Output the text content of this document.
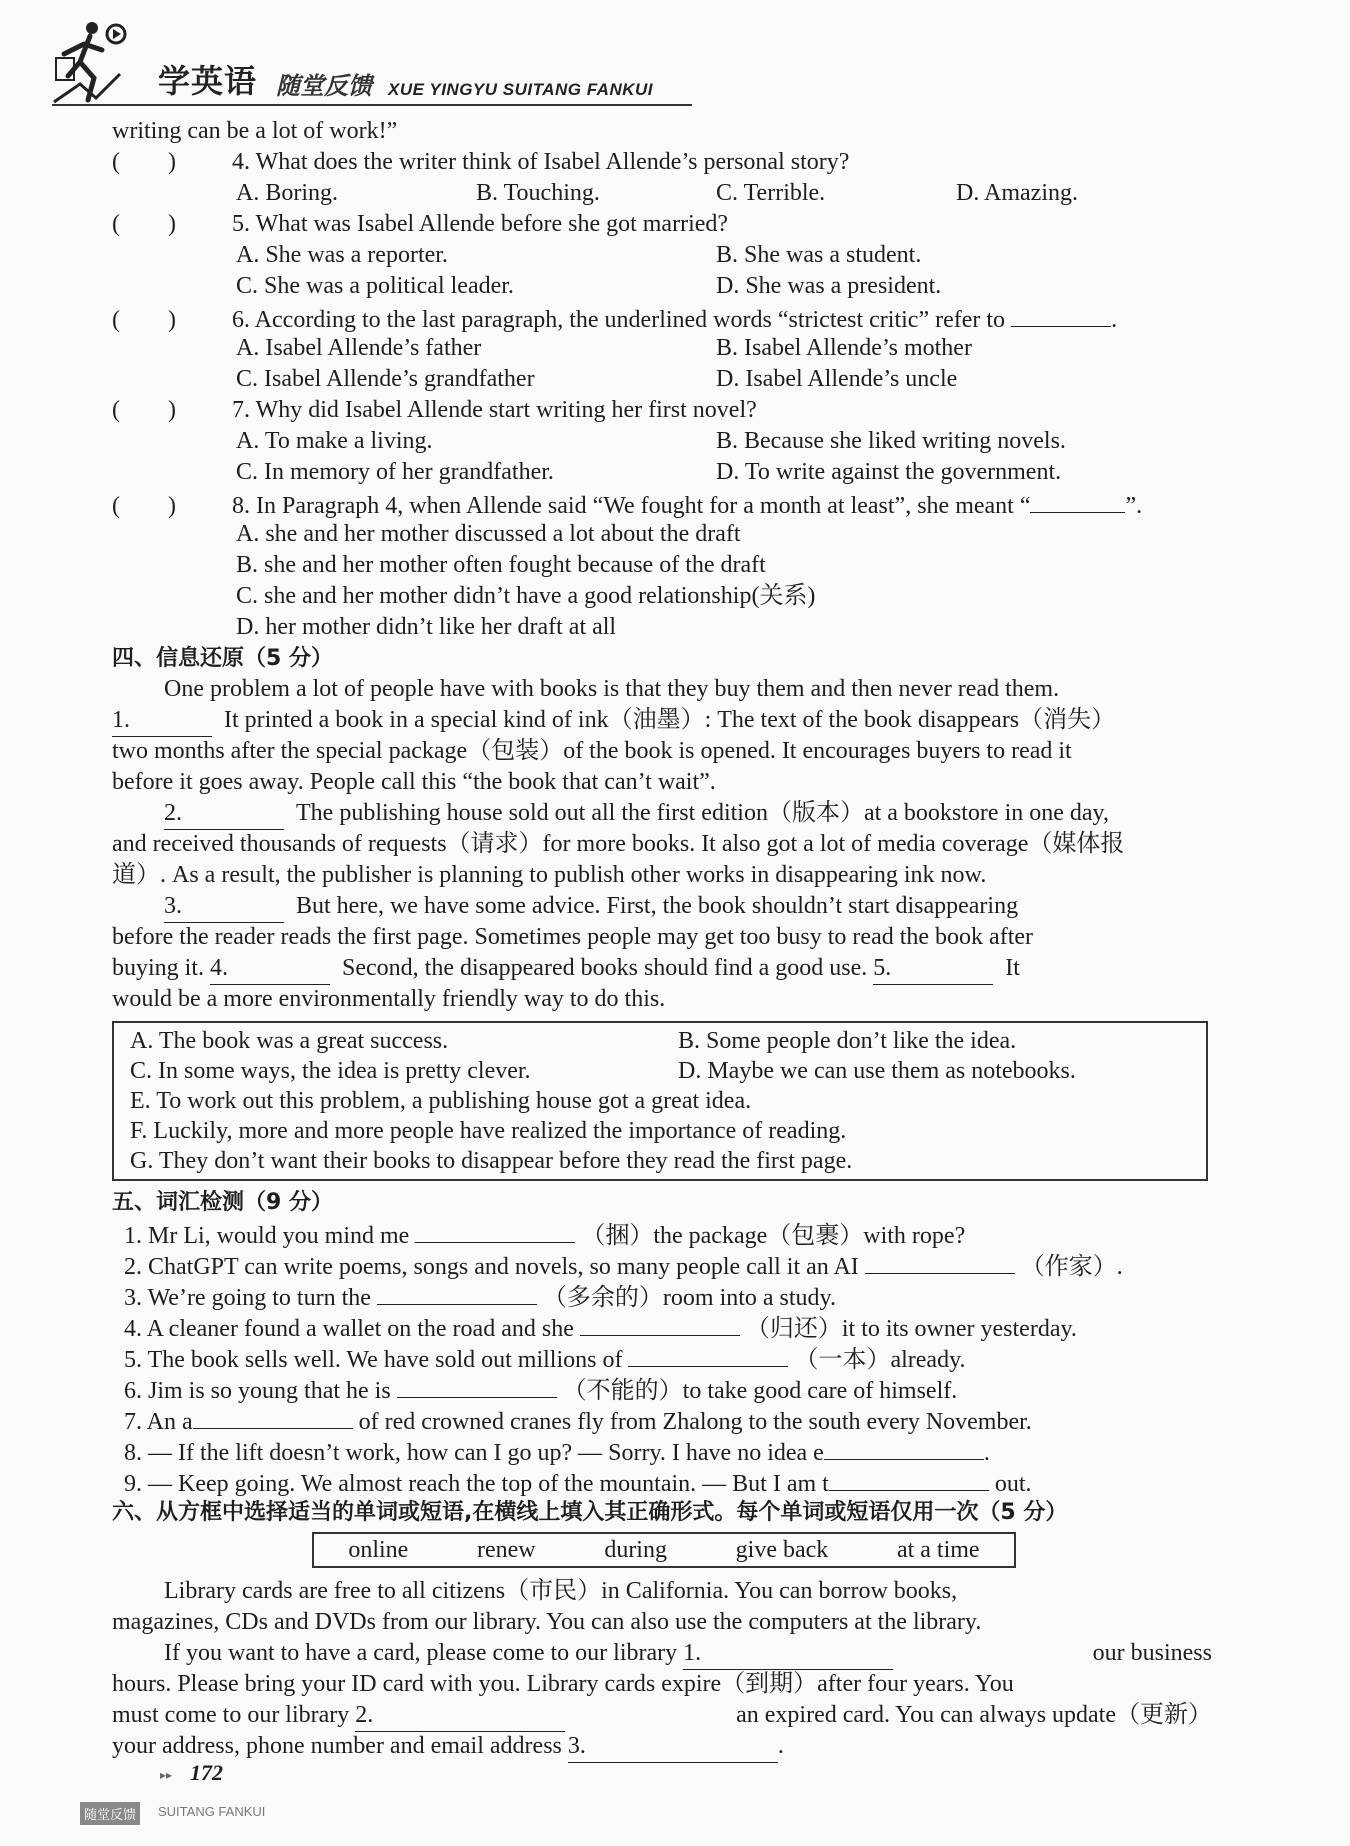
学英语 随堂反馈 XUE YINGYU SUITANG FANKUI
writing can be a lot of work!”
(　　) 4. What does the writer think of Isabel Allende’s personal story?
A. Boring.	B. Touching.	C. Terrible.	D. Amazing.
(　　) 5. What was Isabel Allende before she got married?
A. She was a reporter.	B. She was a student.
C. She was a political leader.	D. She was a president.
(　　) 6. According to the last paragraph, the underlined words “strictest critic” refer to	.
A. Isabel Allende’s father	B. Isabel Allende’s mother
C. Isabel Allende’s grandfather	D. Isabel Allende’s uncle
(　　) 7. Why did Isabel Allende start writing her first novel?
A. To make a living.	B. Because she liked writing novels.
C. In memory of her grandfather.	D. To write against the government.
(　　) 8. In Paragraph 4, when Allende said “We fought for a month at least”, she meant “	”.
A. she and her mother discussed a lot about the draft
B. she and her mother often fought because of the draft
C. she and her mother didn’t have a good relationship(关系)
D. her mother didn’t like her draft at all
四、信息还原（5 分）
One problem a lot of people have with books is that they buy them and then never read them.
1.	It printed a book in a special kind of ink（油墨）: The text of the book disappears（消失）
two months after the special package（包装）of the book is opened. It encourages buyers to read it
before it goes away. People call this “the book that can’t wait”.
2.	The publishing house sold out all the first edition（版本）at a bookstore in one day,
and received thousands of requests（请求）for more books. It also got a lot of media coverage（媒体报
道）. As a result, the publisher is planning to publish other works in disappearing ink now.
3.	But here, we have some advice. First, the book shouldn’t start disappearing
before the reader reads the first page. Sometimes people may get too busy to read the book after
buying it. 4.	Second, the disappeared books should find a good use. 5.	It
would be a more environmentally friendly way to do this.
A. The book was a great success.	B. Some people don’t like the idea.
C. In some ways, the idea is pretty clever.	D. Maybe we can use them as notebooks.
E. To work out this problem, a publishing house got a great idea.
F. Luckily, more and more people have realized the importance of reading.
G. They don’t want their books to disappear before they read the first page.
五、词汇检测（9 分）
1. Mr Li, would you mind me	（捆）the package（包裹）with rope?
2. ChatGPT can write poems, songs and novels, so many people call it an AI	（作家）.
3. We’re going to turn the	（多余的）room into a study.
4. A cleaner found a wallet on the road and she	（归还）it to its owner yesterday.
5. The book sells well. We have sold out millions of	（一本）already.
6. Jim is so young that he is	（不能的）to take good care of himself.
7. An a	of red crowned cranes fly from Zhalong to the south every November.
8. — If the lift doesn’t work, how can I go up? — Sorry. I have no idea e	.
9. — Keep going. We almost reach the top of the mountain. — But I am t	out.
六、从方框中选择适当的单词或短语,在横线上填入其正确形式。每个单词或短语仅用一次（5 分）
online	renew	during	give back	at a time
Library cards are free to all citizens（市民）in California. You can borrow books,
magazines, CDs and DVDs from our library. You can also use the computers at the library.
If you want to have a card, please come to our library 1.	our business
hours. Please bring your ID card with you. Library cards expire（到期）after four years. You
must come to our library 2.	an expired card. You can always update（更新）
your address, phone number and email address 3.	.
▸▸ 172
随堂反馈	SUITANG FANKUI
